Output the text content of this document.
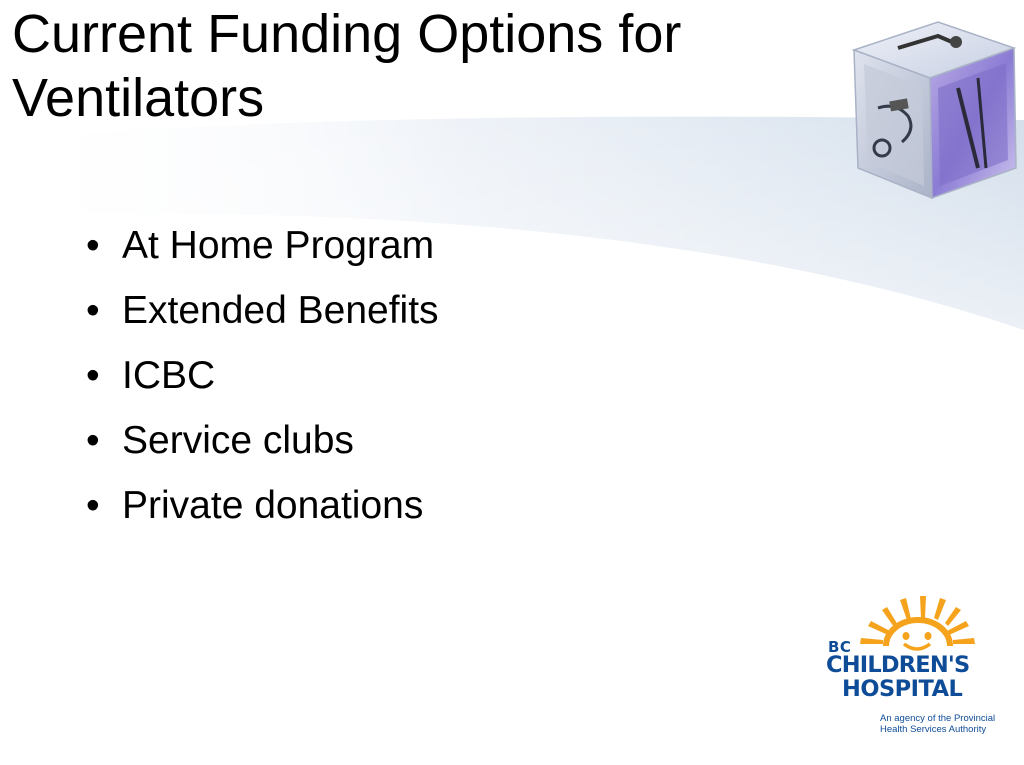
Current Funding Options for Ventilators
• At Home Program
• Extended Benefits
• ICBC
• Service clubs
• Private donations
BC
CHILDREN'S
HOSPITAL
An agency of the Provincial
Health Services Authority
